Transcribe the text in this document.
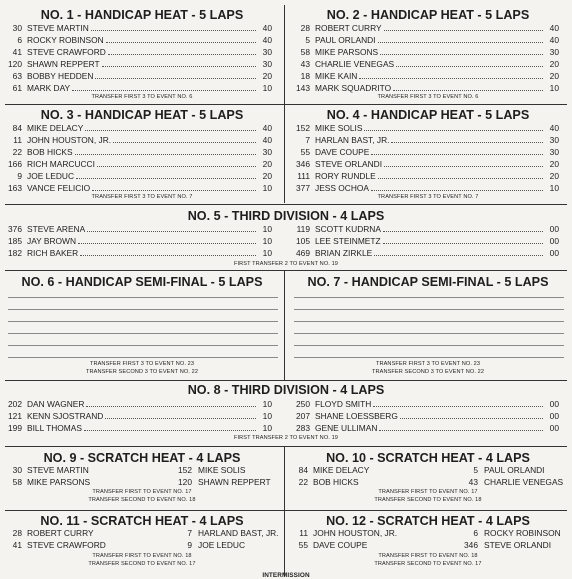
NO. 1 - HANDICAP HEAT - 5 LAPS
30 STEVE MARTIN	40
6 ROCKY ROBINSON	40
41 STEVE CRAWFORD	30
120 SHAWN REPPERT	30
63 BOBBY HEDDEN	20
61 MARK DAY	10
TRANSFER FIRST 3 TO EVENT NO. 6
NO. 2 - HANDICAP HEAT - 5 LAPS
28 ROBERT CURRY	40
5 PAUL ORLANDI	40
58 MIKE PARSONS	30
43 CHARLIE VENEGAS	20
18 MIKE KAIN	20
143 MARK SQUADRITO	10
TRANSFER FIRST 3 TO EVENT NO. 6
NO. 3 - HANDICAP HEAT - 5 LAPS
84 MIKE DELACY	40
11 JOHN HOUSTON, JR.	40
22 BOB HICKS	30
166 RICH MARCUCCI	20
9 JOE LEDUC	20
163 VANCE FELICIO	10
TRANSFER FIRST 3 TO EVENT NO. 7
NO. 4 - HANDICAP HEAT - 5 LAPS
152 MIKE SOLIS	40
7 HARLAN BAST, JR.	30
55 DAVE COUPE	30
346 STEVE ORLANDI	20
111 RORY RUNDLE	20
377 JESS OCHOA	10
TRANSFER FIRST 3 TO EVENT NO. 7
NO. 5 - THIRD DIVISION - 4 LAPS
376 STEVE ARENA	10
185 JAY BROWN	10
182 RICH BAKER	10
119 SCOTT KUDRNA	00
105 LEE STEINMETZ	00
469 BRIAN ZIRKLE	00
FIRST TRANSFER 2 TO EVENT NO. 19
NO. 6 - HANDICAP SEMI-FINAL - 5 LAPS
TRANSFER FIRST 3 TO EVENT NO. 23
TRANSFER SECOND 3 TO EVENT NO. 22
NO. 7 - HANDICAP SEMI-FINAL - 5 LAPS
TRANSFER FIRST 3 TO EVENT NO. 23
TRANSFER SECOND 3 TO EVENT NO. 22
NO. 8 - THIRD DIVISION - 4 LAPS
202 DAN WAGNER	10
121 KENN SJOSTRAND	10
199 BILL THOMAS	10
250 FLOYD SMITH	00
207 SHANE LOESSBERG	00
283 GENE ULLIMAN	00
FIRST TRANSFER 2 TO EVENT NO. 19
NO. 9 - SCRATCH HEAT - 4 LAPS
30 STEVE MARTIN	152 MIKE SOLIS
58 MIKE PARSONS	120 SHAWN REPPERT
TRANSFER FIRST TO EVENT NO. 17
TRANSFER SECOND TO EVENT NO. 18
NO. 10 - SCRATCH HEAT - 4 LAPS
84 MIKE DELACY	5 PAUL ORLANDI
22 BOB HICKS	43 CHARLIE VENEGAS
TRANSFER FIRST TO EVENT NO. 17
TRANSFER SECOND TO EVENT NO. 18
NO. 11 - SCRATCH HEAT - 4 LAPS
28 ROBERT CURRY	7 HARLAND BAST, JR.
41 STEVE CRAWFORD	9 JOE LEDUC
TRANSFER FIRST TO EVENT NO. 18
TRANSFER SECOND TO EVENT NO. 17
NO. 12 - SCRATCH HEAT - 4 LAPS
11 JOHN HOUSTON, JR.	6 ROCKY ROBINSON
55 DAVE COUPE	346 STEVE ORLANDI
TRANSFER FIRST TO EVENT NO. 18
TRANSFER SECOND TO EVENT NO. 17
INTERMISSION
